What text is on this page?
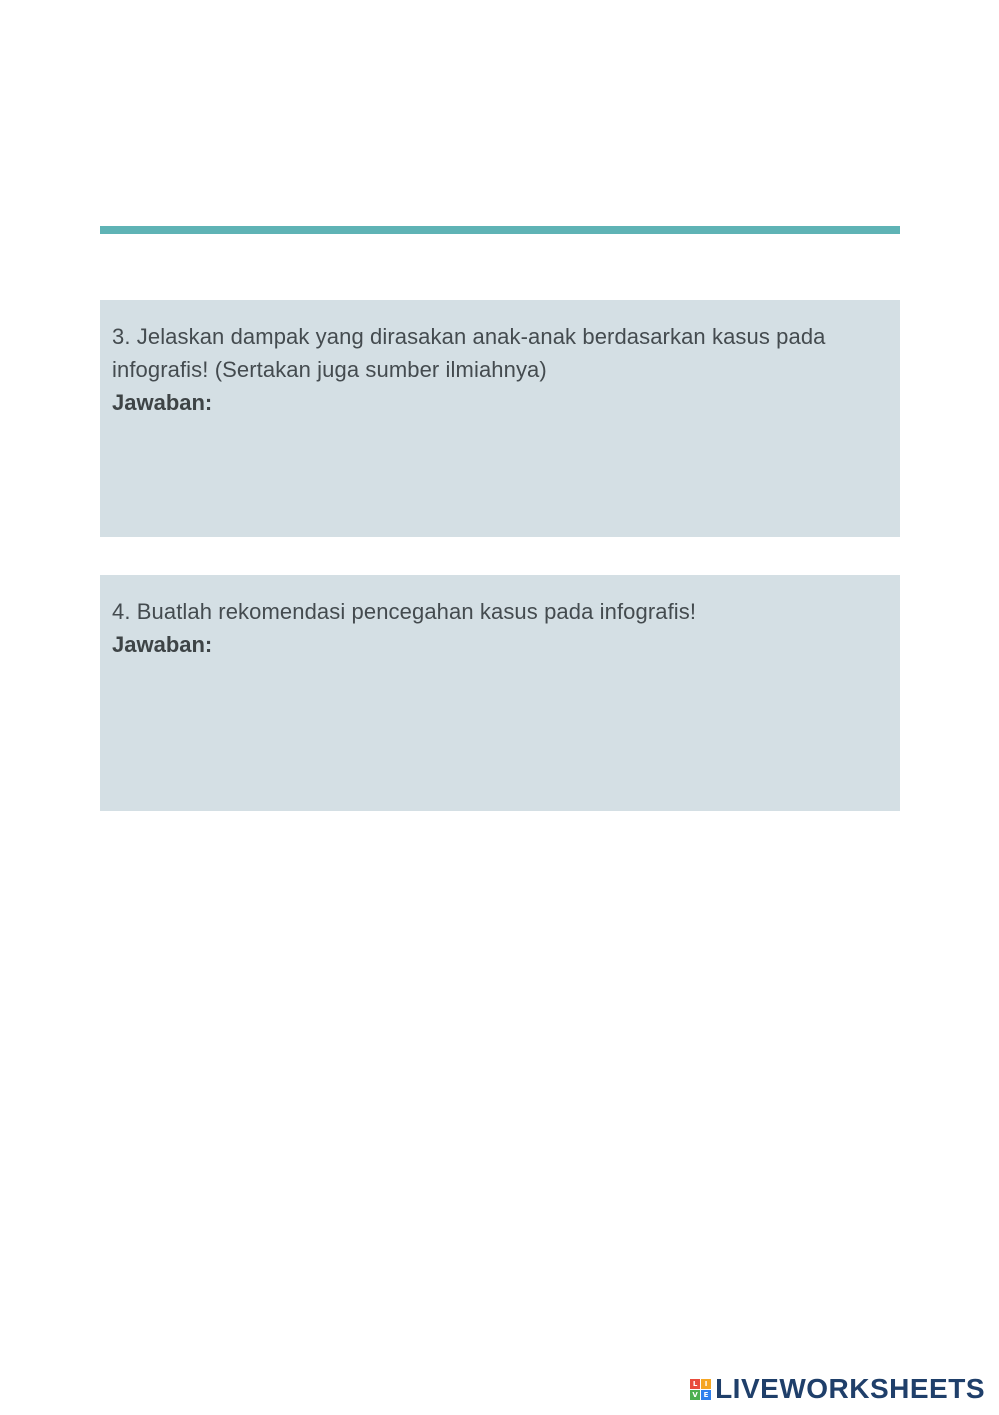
3. Jelaskan dampak yang dirasakan anak-anak berdasarkan kasus pada infografis! (Sertakan juga sumber ilmiahnya)

Jawaban:

4. Buatlah rekomendasi pencegahan kasus pada infografis!

Jawaban:

L	I
V E LIVEWORKSHEETS
